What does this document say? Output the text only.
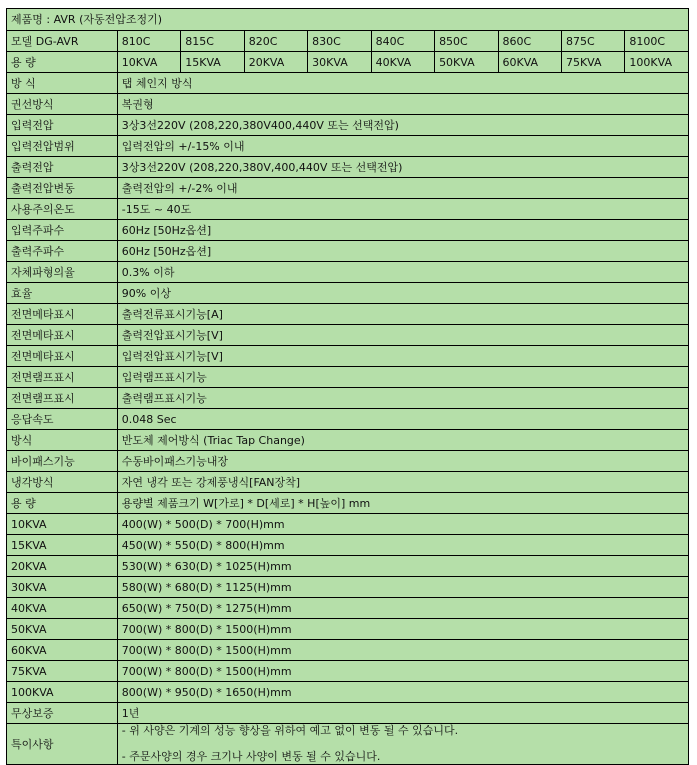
제품명 : AVR (자동전압조정기)									
모델 DG-AVR	810C	815C	820C	830C	840C	850C	860C	875C	8100C
용 량	10KVA	15KVA	20KVA	30KVA	40KVA	50KVA	60KVA	75KVA	100KVA
방 식	탭 체인지 방식								
권선방식	복권형								
입력전압	3상3선220V (208,220,380V400,440V 또는 선택전압)								
입력전압범위	입력전압의 +/-15% 이내								
출력전압	3상3선220V (208,220,380V,400,440V 또는 선택전압)								
출력전압변동	출력전압의 +/-2% 이내								
사용주의온도	-15도 ~ 40도								
입력주파수	60Hz [50Hz옵션]								
출력주파수	60Hz [50Hz옵션]								
자체파형의율	0.3% 이하								
효율	90% 이상								
전면메타표시	출력전류표시기능[A]								
전면메타표시	출력전압표시기능[V]								
전면메타표시	입력전압표시기능[V]								
전면램프표시	입력램프표시기능								
전면램프표시	출력램프표시기능								
응답속도	0.048 Sec								
방식	반도체 제어방식 (Triac Tap Change)								
바이패스기능	수동바이패스기능내장								
냉각방식	자연 냉각 또는 강제풍냉식[FAN장착]								
용 량	용량별 제품크기 W[가로] * D[세로] * H[높이] mm								
10KVA	400(W) * 500(D) * 700(H)mm								
15KVA	450(W) * 550(D) * 800(H)mm								
20KVA	530(W) * 630(D) * 1025(H)mm								
30KVA	580(W) * 680(D) * 1125(H)mm								
40KVA	650(W) * 750(D) * 1275(H)mm								
50KVA	700(W) * 800(D) * 1500(H)mm								
60KVA	700(W) * 800(D) * 1500(H)mm								
75KVA	700(W) * 800(D) * 1500(H)mm								
100KVA	800(W) * 950(D) * 1650(H)mm								
무상보증	1년								
특이사항	- 위 사양은 기계의 성능 향상을 위하여 예고 없이 변동 될 수 있습니다.
- 주문사양의 경우 크기나 사양이 변동 될 수 있습니다.								
